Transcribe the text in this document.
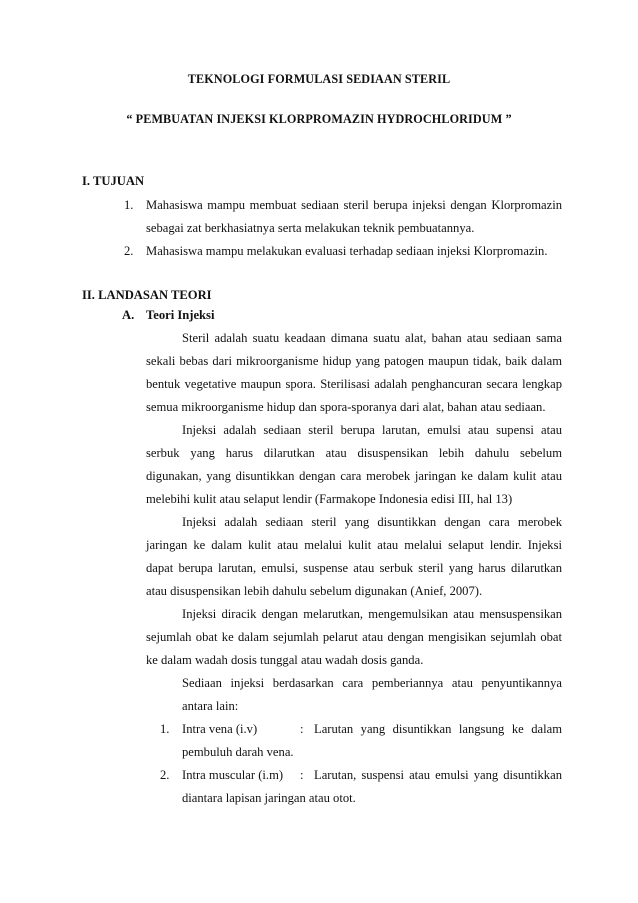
TEKNOLOGI FORMULASI SEDIAAN STERIL
“ PEMBUATAN INJEKSI KLORPROMAZIN HYDROCHLORIDUM ”
I. TUJUAN
1. Mahasiswa mampu membuat sediaan steril berupa injeksi dengan Klorpromazin
sebagai zat berkhasiatnya serta melakukan teknik pembuatannya.
2. Mahasiswa mampu melakukan evaluasi terhadap sediaan injeksi Klorpromazin.
II. LANDASAN TEORI
A. Teori Injeksi
Steril adalah suatu keadaan dimana suatu alat, bahan atau sediaan sama
sekali bebas dari mikroorganisme hidup yang patogen maupun tidak, baik dalam
bentuk vegetative maupun spora. Sterilisasi adalah penghancuran secara lengkap
semua mikroorganisme hidup dan spora-sporanya dari alat, bahan atau sediaan.
Injeksi adalah sediaan steril berupa larutan, emulsi atau supensi atau
serbuk yang harus dilarutkan atau disuspensikan lebih dahulu sebelum
digunakan, yang disuntikkan dengan cara merobek jaringan ke dalam kulit atau
melebihi kulit atau selaput lendir (Farmakope Indonesia edisi III, hal 13)
Injeksi adalah sediaan steril yang disuntikkan dengan cara merobek
jaringan ke dalam kulit atau melalui kulit atau melalui selaput lendir. Injeksi
dapat berupa larutan, emulsi, suspense atau serbuk steril yang harus dilarutkan
atau disuspensikan lebih dahulu sebelum digunakan (Anief, 2007).
Injeksi diracik dengan melarutkan, mengemulsikan atau mensuspensikan
sejumlah obat ke dalam sejumlah pelarut atau dengan mengisikan sejumlah obat
ke dalam wadah dosis tunggal atau wadah dosis ganda.
Sediaan injeksi berdasarkan cara pemberiannya atau penyuntikannya
antara lain:
1. Intra vena (i.v)	: Larutan yang disuntikkan langsung ke dalam
pembuluh darah vena.
2. Intra muscular (i.m) : Larutan, suspensi atau emulsi yang disuntikkan
diantara lapisan jaringan atau otot.
